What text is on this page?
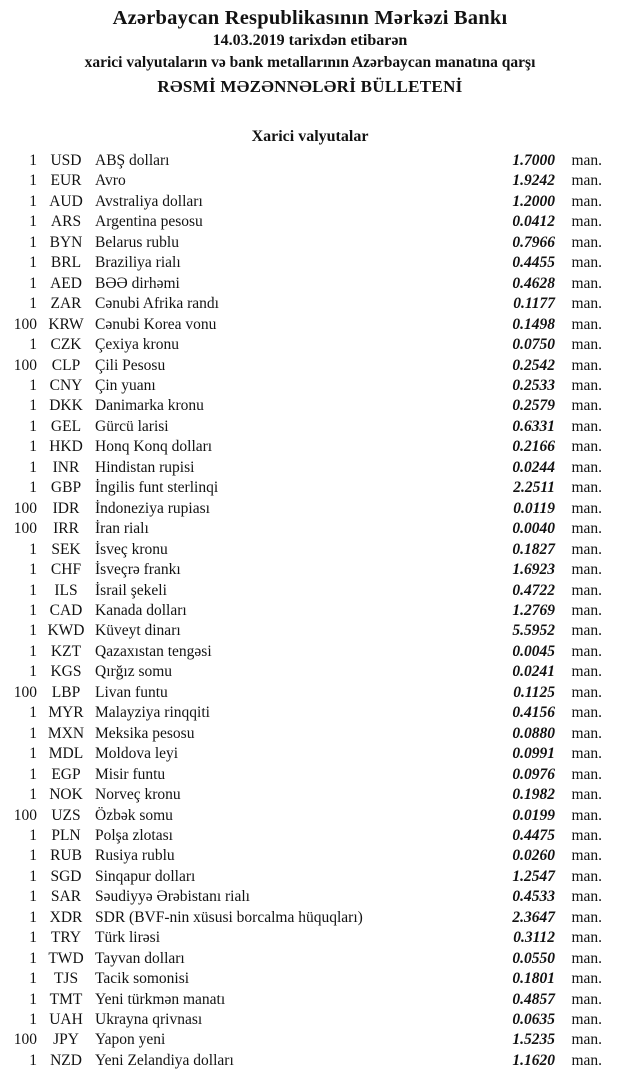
Azərbaycan Respublikasının Mərkəzi Bankı
14.03.2019 tarixdən etibarən
xarici valyutaların və bank metallarının Azərbaycan manatına qarşı
RƏSMİ MƏZƏNNƏLƏRİ BÜLLETENİ
Xarici valyutalar
1 USD ABŞ dolları	1.7000	man.
1 EUR Avro	1.9242	man.
1 AUD Avstraliya dolları	1.2000	man.
1 ARS Argentina pesosu	0.0412	man.
1 BYN Belarus rublu	0.7966	man.
1 BRL Braziliya rialı	0.4455	man.
1 AED BƏƏ dirhəmi	0.4628	man.
1 ZAR Cənubi Afrika randı	0.1177	man.
100 KRW Cənubi Korea vonu	0.1498	man.
1 CZK Çexiya kronu	0.0750	man.
100 CLP Çili Pesosu	0.2542	man.
1 CNY Çin yuanı	0.2533	man.
1 DKK Danimarka kronu	0.2579	man.
1 GEL Gürcü larisi	0.6331	man.
1 HKD Honq Konq dolları	0.2166	man.
1	INR	Hindistan rupisi	0.0244	man.
1 GBP İngilis funt sterlinqi	2.2511	man.
100	IDR	İndoneziya rupiası	0.0119	man.
100	IRR	İran rialı	0.0040	man.
1 SEK İsveç kronu	0.1827	man.
1 CHF İsveçrə frankı	1.6923	man.
1	ILS	İsrail şekeli	0.4722	man.
1 CAD Kanada dolları	1.2769	man.
1 KWD Küveyt dinarı	5.5952	man.
1 KZT Qazaxıstan tengəsi	0.0045	man.
1 KGS Qırğız somu	0.0241	man.
100 LBP Livan funtu	0.1125	man.
1 MYR Malayziya rinqqiti	0.4156	man.
1 MXN Meksika pesosu	0.0880	man.
1 MDL Moldova leyi	0.0991	man.
1 EGP Misir funtu	0.0976	man.
1 NOK Norveç kronu	0.1982	man.
100 UZS Özbək somu	0.0199	man.
1 PLN Polşa zlotası	0.4475	man.
1 RUB Rusiya rublu	0.0260	man.
1 SGD Sinqapur dolları	1.2547	man.
1 SAR Səudiyyə Ərəbistanı rialı	0.4533	man.
1 XDR SDR (BVF-nin xüsusi borcalma hüquqları)	2.3647	man.
1 TRY Türk lirəsi	0.3112	man.
1 TWD Tayvan dolları	0.0550	man.
1	TJS	Tacik somonisi	0.1801	man.
1 TMT Yeni türkmən manatı	0.4857	man.
1 UAH Ukrayna qrivnası	0.0635	man.
100	JPY	Yapon yeni	1.5235	man.
1 NZD Yeni Zelandiya dolları	1.1620	man.
